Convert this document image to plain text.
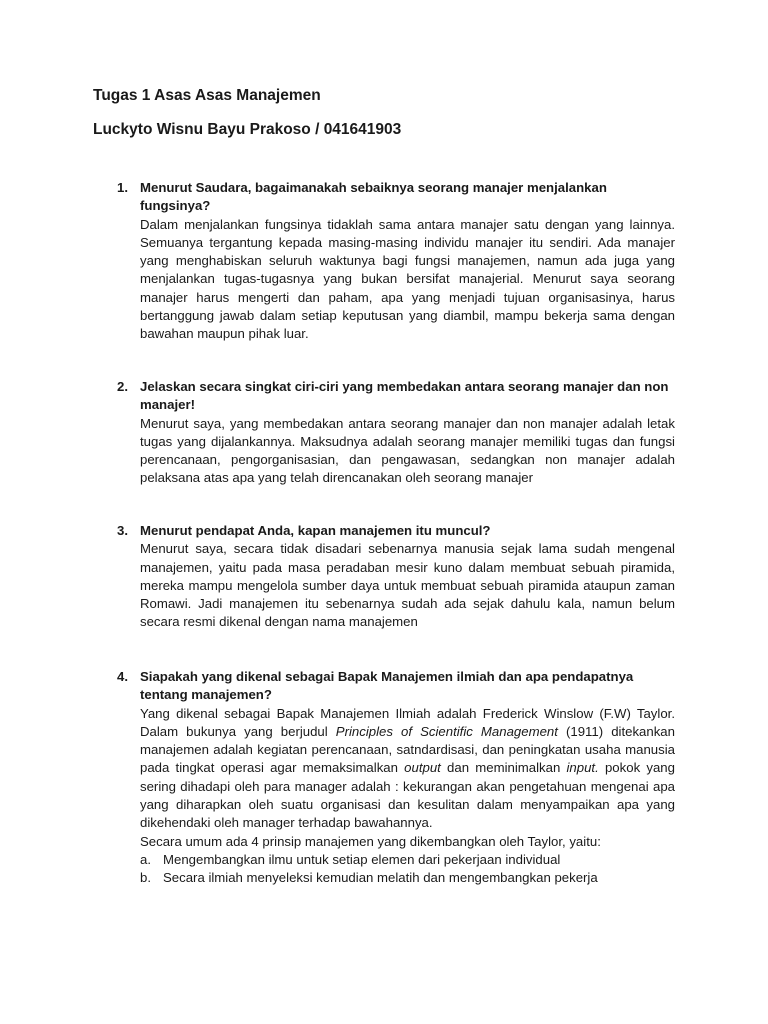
Tugas 1 Asas Asas Manajemen
Luckyto Wisnu Bayu Prakoso / 041641903
1. Menurut Saudara, bagaimanakah sebaiknya seorang manajer menjalankan fungsinya?
Dalam menjalankan fungsinya tidaklah sama antara manajer satu dengan yang lainnya. Semuanya tergantung kepada masing-masing individu manajer itu sendiri. Ada manajer yang menghabiskan seluruh waktunya bagi fungsi manajemen, namun ada juga yang menjalankan tugas-tugasnya yang bukan bersifat manajerial. Menurut saya seorang manajer harus mengerti dan paham, apa yang menjadi tujuan organisasinya, harus bertanggung jawab dalam setiap keputusan yang diambil, mampu bekerja sama dengan bawahan maupun pihak luar.
2. Jelaskan secara singkat ciri-ciri yang membedakan antara seorang manajer dan non manajer!
Menurut saya, yang membedakan antara seorang manajer dan non manajer adalah letak tugas yang dijalankannya. Maksudnya adalah seorang manajer memiliki tugas dan fungsi perencanaan, pengorganisasian, dan pengawasan, sedangkan non manajer adalah pelaksana atas apa yang telah direncanakan oleh seorang manajer
3. Menurut pendapat Anda, kapan manajemen itu muncul?
Menurut saya, secara tidak disadari sebenarnya manusia sejak lama sudah mengenal manajemen, yaitu pada masa peradaban mesir kuno dalam membuat sebuah piramida, mereka mampu mengelola sumber daya untuk membuat sebuah piramida ataupun zaman Romawi. Jadi manajemen itu sebenarnya sudah ada sejak dahulu kala, namun belum secara resmi dikenal dengan nama manajemen
4. Siapakah yang dikenal sebagai Bapak Manajemen ilmiah dan apa pendapatnya tentang manajemen?
Yang dikenal sebagai Bapak Manajemen Ilmiah adalah Frederick Winslow (F.W) Taylor. Dalam bukunya yang berjudul Principles of Scientific Management (1911) ditekankan manajemen adalah kegiatan perencanaan, satndardisasi, dan peningkatan usaha manusia pada tingkat operasi agar memaksimalkan output dan meminimalkan input. pokok yang sering dihadapi oleh para manager adalah : kekurangan akan pengetahuan mengenai apa yang diharapkan oleh suatu organisasi dan kesulitan dalam menyampaikan apa yang dikehendaki oleh manager terhadap bawahannya.
Secara umum ada 4 prinsip manajemen yang dikembangkan oleh Taylor, yaitu:
a. Mengembangkan ilmu untuk setiap elemen dari pekerjaan individual
b. Secara ilmiah menyeleksi kemudian melatih dan mengembangkan pekerja
